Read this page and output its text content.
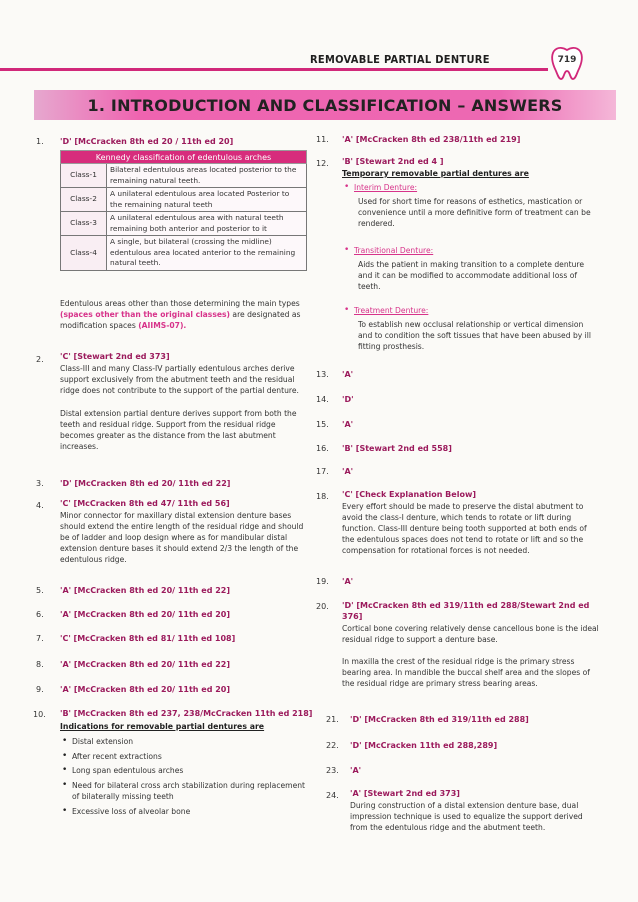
REMOVABLE PARTIAL DENTURE	719
1. INTRODUCTION AND CLASSIFICATION – ANSWERS
1. 'D' [McCracken 8th ed 20 / 11th ed 20]
Kennedy classification of edentulous arches	
Class-1	Bilateral edentulous areas located posterior to the remaining natural teeth.
Class-2	A unilateral edentulous area located Posterior to the remaining natural teeth
Class-3	A unilateral edentulous area with natural teeth remaining both anterior and posterior to it
Class-4	A single, but bilateral (crossing the midline) edentulous area located anterior to the remaining natural teeth.
Edentulous areas other than those determining the main types (spaces other than the original classes) are designated as modification spaces (AIIMS-07).
2. 'C' [Stewart 2nd ed 373]
Class-III and many Class-IV partially edentulous arches derive support exclusively from the abutment teeth and the residual ridge does not contribute to the support of the partial denture.
Distal extension partial denture derives support from both the teeth and residual ridge. Support from the residual ridge becomes greater as the distance from the last abutment increases.
3. 'D' [McCracken 8th ed 20/ 11th ed 22]
4. 'C' [McCracken 8th ed 47/ 11th ed 56]
Minor connector for maxillary distal extension denture bases should extend the entire length of the residual ridge and should be of ladder and loop design where as for mandibular distal extension denture bases it should extend 2/3 the length of the edentulous ridge.
5. 'A' [McCracken 8th ed 20/ 11th ed 22]
6. 'A' [McCracken 8th ed 20/ 11th ed 20]
7. 'C' [McCracken 8th ed 81/ 11th ed 108]
8. 'A' [McCracken 8th ed 20/ 11th ed 22]
9. 'A' [McCracken 8th ed 20/ 11th ed 20]
10. 'B' [McCracken 8th ed 237, 238/McCracken 11th ed 218]
Indications for removable partial dentures are
• Distal extension
• After recent extractions
• Long span edentulous arches
• Need for bilateral cross arch stabilization during replacement of bilaterally missing teeth
• Excessive loss of alveolar bone
11. 'A' [McCracken 8th ed 238/11th ed 219]
12. 'B' [Stewart 2nd ed 4 ]
Temporary removable partial dentures are
• Interim Denture:
Used for short time for reasons of esthetics, mastication or convenience until a more definitive form of treatment can be rendered.
• Transitional Denture:
Aids the patient in making transition to a complete denture and it can be modified to accommodate additional loss of teeth.
• Treatment Denture:
To establish new occlusal relationship or vertical dimension and to condition the soft tissues that have been abused by ill fitting prosthesis.
13. 'A'
14. 'D'
15. 'A'
16. 'B' [Stewart 2nd ed 558]
17. 'A'
18. 'C' [Check Explanation Below]
Every effort should be made to preserve the distal abutment to avoid the class-I denture, which tends to rotate or lift during function. Class-III denture being tooth supported at both ends of the edentulous spaces does not tend to rotate or lift and so the compensation for rotational forces is not needed.
19. 'A'
20. 'D' [McCracken 8th ed 319/11th ed 288/Stewart 2nd ed 376]
Cortical bone covering relatively dense cancellous bone is the ideal residual ridge to support a denture base.
In maxilla the crest of the residual ridge is the primary stress bearing area. In mandible the buccal shelf area and the slopes of the residual ridge are primary stress bearing areas.
21. 'D' [McCracken 8th ed 319/11th ed 288]
22. 'D' [McCracken 11th ed 288,289]
23. 'A'
24. 'A' [Stewart 2nd ed 373]
During construction of a distal extension denture base, dual impression technique is used to equalize the support derived from the edentulous ridge and the abutment teeth.
